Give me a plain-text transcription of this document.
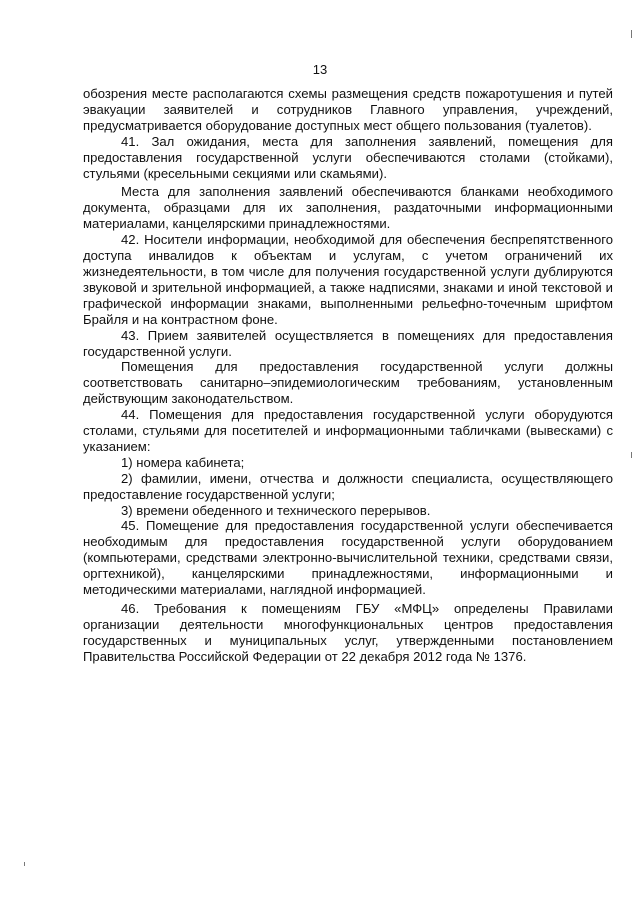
13

обозрения месте располагаются схемы размещения средств пожаротушения и путей эвакуации заявителей и сотрудников Главного управления, учреждений, предусматривается оборудование доступных мест общего пользования (туалетов).

41. Зал ожидания, места для заполнения заявлений, помещения для предоставления государственной услуги обеспечиваются столами (стойками), стульями (кресельными секциями или скамьями).

Места для заполнения заявлений обеспечиваются бланками необходимого документа, образцами для их заполнения, раздаточными информационными материалами, канцелярскими принадлежностями.

42. Носители информации, необходимой для обеспечения беспрепятственного доступа инвалидов к объектам и услугам, с учетом ограничений их жизнедеятельности, в том числе для получения государственной услуги дублируются звуковой и зрительной информацией, а также надписями, знаками и иной текстовой и графической информации знаками, выполненными рельефно-точечным шрифтом Брайля и на контрастном фоне.

43. Прием заявителей осуществляется в помещениях для предоставления государственной услуги.

Помещения для предоставления государственной услуги должны соответствовать санитарно–эпидемиологическим требованиям, установленным действующим законодательством.

44. Помещения для предоставления государственной услуги оборудуются столами, стульями для посетителей и информационными табличками (вывесками) с указанием:

1) номера кабинета;

2) фамилии, имени, отчества и должности специалиста, осуществляющего предоставление государственной услуги;

3) времени обеденного и технического перерывов.

45. Помещение для предоставления государственной услуги обеспечивается необходимым для предоставления государственной услуги оборудованием (компьютерами, средствами электронно-вычислительной техники, средствами связи, оргтехникой), канцелярскими принадлежностями, информационными и методическими материалами, наглядной информацией.

46. Требования к помещениям ГБУ «МФЦ» определены Правилами организации деятельности многофункциональных центров предоставления государственных и муниципальных услуг, утвержденными постановлением Правительства Российской Федерации от 22 декабря 2012 года № 1376.
